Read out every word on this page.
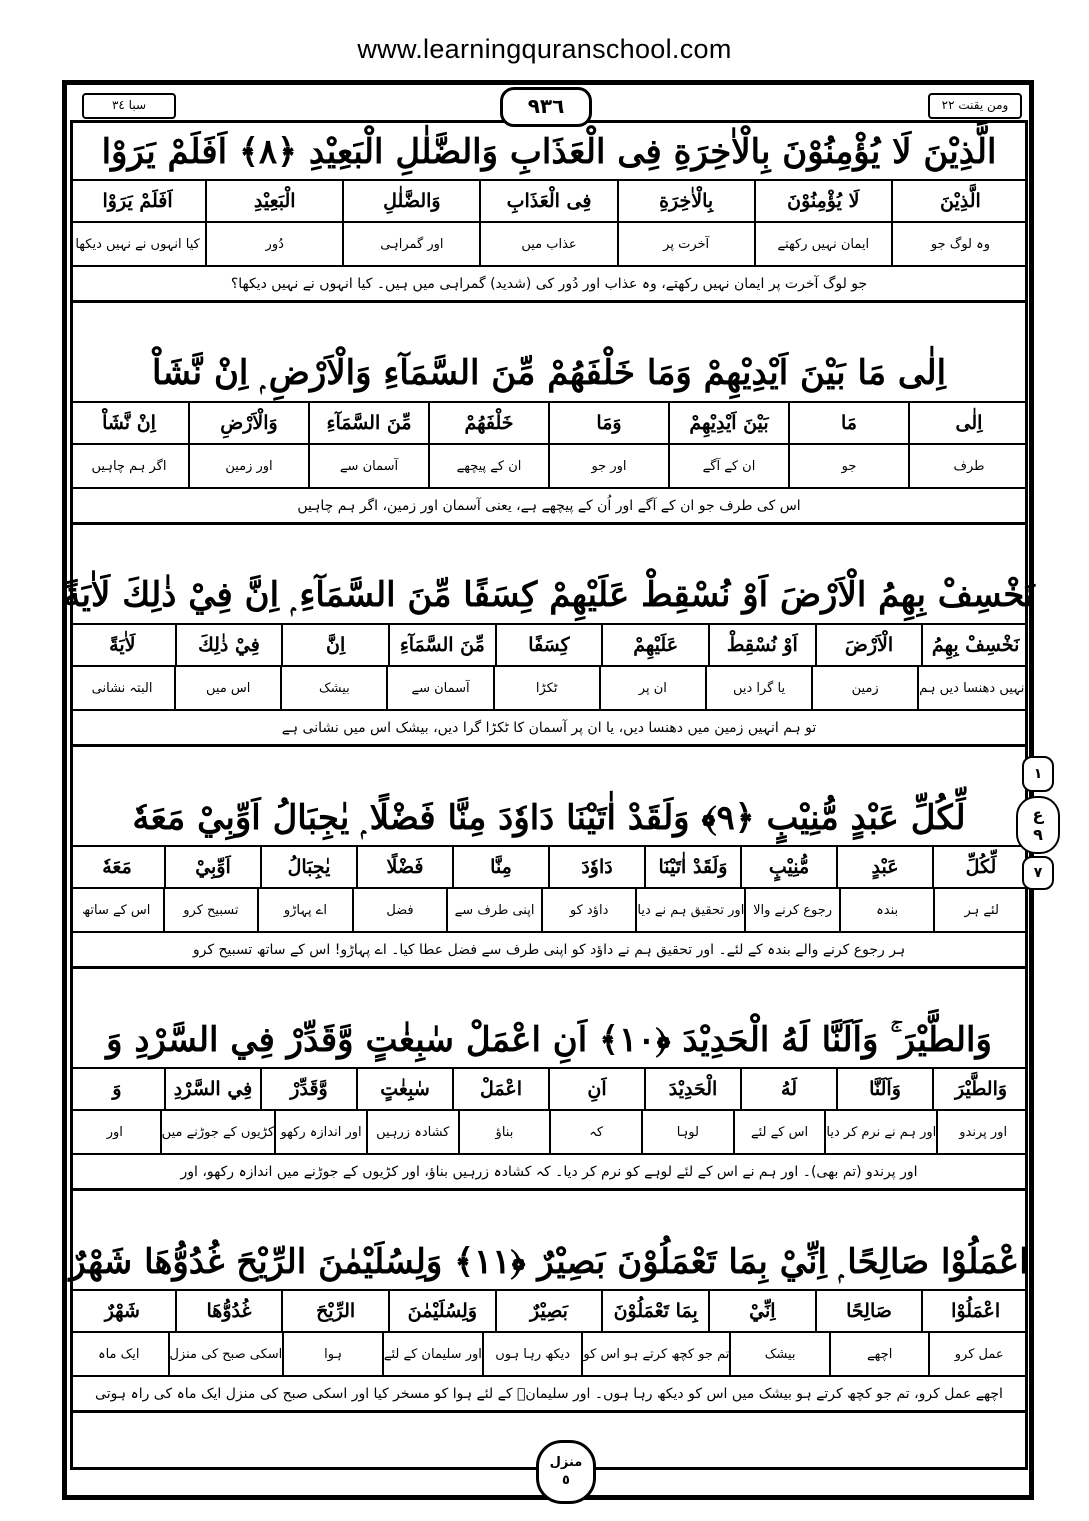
www.learningquranschool.com
ومن یقنت ٢٢
سبا ٣٤	٩٣٦
الَّذِيْنَ لَا يُؤْمِنُوْنَ بِالْاٰخِرَةِ فِى الْعَذَابِ وَالضَّلٰلِ الْبَعِيْدِ ﴿٨﴾ اَفَلَمْ يَرَوْا
الَّذِيْنَ
لَا يُؤْمِنُوْنَ
بِالْاٰخِرَةِ
فِى الْعَذَابِ
وَالضَّلٰلِ
الْبَعِيْدِ
اَفَلَمْ يَرَوْا
وہ لوگ جو
ایمان نہیں رکھتے
آخرت پر
عذاب میں
اور گمراہی
دُور
کیا انہوں نے نہیں دیکھا
جو لوگ آخرت پر ایمان نہیں رکھتے، وہ عذاب اور دُور کی (شدید) گمراہی میں ہیں۔ کیا انہوں نے نہیں دیکھا؟
اِلٰى مَا بَيْنَ اَيْدِيْهِمْ وَمَا خَلْفَهُمْ مِّنَ السَّمَآءِ وَالْاَرْضِ ۭ اِنْ نَّشَاْ
اِلٰى
مَا
بَيْنَ اَيْدِيْهِمْ
وَمَا
خَلْفَهُمْ
مِّنَ السَّمَآءِ
وَالْاَرْضِ
اِنْ نَّشَاْ
طرف
جو
ان کے آگے
اور جو
ان کے پیچھے
آسمان سے
اور زمین
اگر ہم چاہیں
اس کی طرف جو ان کے آگے اور اُن کے پیچھے ہے، یعنی آسمان اور زمین، اگر ہم چاہیں
نَخْسِفْ بِهِمُ الْاَرْضَ اَوْ نُسْقِطْ عَلَيْهِمْ كِسَفًا مِّنَ السَّمَآءِ ۭ اِنَّ فِيْ ذٰلِكَ لَاٰيَةً
نَخْسِفْ بِهِمُ
الْاَرْضَ
اَوْ نُسْقِطْ
عَلَيْهِمْ
كِسَفًا
مِّنَ السَّمَآءِ
اِنَّ
فِيْ ذٰلِكَ
لَاٰيَةً
انہیں دھنسا دیں ہم
زمین
یا گرا دیں
ان پر
ٹکڑا
آسمان سے
بیشک
اس میں
البتہ نشانی
تو ہم انہیں زمین میں دھنسا دیں، یا ان پر آسمان کا ٹکڑا گرا دیں، بیشک اس میں نشانی ہے
لِّكُلِّ عَبْدٍ مُّنِيْبٍ ﴿٩﴾ وَلَقَدْ اٰتَيْنَا دَاوٗدَ مِنَّا فَضْلًا ۭ يٰجِبَالُ اَوِّبِيْ مَعَهٗ
لِّكُلِّ
عَبْدٍ
مُّنِيْبٍ
وَلَقَدْ اٰتَيْنَا
دَاوٗدَ
مِنَّا
فَضْلًا
يٰجِبَالُ
اَوِّبِيْ
مَعَهٗ
لئے ہر
بندہ
رجوع کرنے والا
اور تحقیق ہم نے دیا
داؤد کو
اپنی طرف سے
فضل
اے پہاڑو
تسبیح کرو
اس کے ساتھ
ہر رجوع کرنے والے بندہ کے لئے۔ اور تحقیق ہم نے داؤد کو اپنی طرف سے فضل عطا کیا۔ اے پہاڑو! اس کے ساتھ تسبیح کرو
وَالطَّيْرَ ۚ وَاَلَنَّا لَهُ الْحَدِيْدَ ﴿١٠﴾ اَنِ اعْمَلْ سٰبِغٰتٍ وَّقَدِّرْ فِي السَّرْدِ وَ
وَالطَّيْرَ
وَاَلَنَّا
لَهُ
الْحَدِيْدَ
اَنِ
اعْمَلْ
سٰبِغٰتٍ
وَّقَدِّرْ
فِي السَّرْدِ
وَ
اور پرندو
اور ہم نے نرم کر دیا
اس کے لئے
لوہا
کہ
بناؤ
کشادہ زرہیں
اور اندازہ رکھو
کڑیوں کے جوڑنے میں
اور
اور پرندو (تم بھی)۔ اور ہم نے اس کے لئے لوہے کو نرم کر دیا۔ کہ کشادہ زرہیں بناؤ، اور کڑیوں کے جوڑنے میں اندازہ رکھو، اور
اعْمَلُوْا صَالِحًا ۭ اِنِّيْ بِمَا تَعْمَلُوْنَ بَصِيْرٌ ﴿١١﴾ وَلِسُلَيْمٰنَ الرِّيْحَ غُدُوُّهَا شَهْرٌ
اعْمَلُوْا
صَالِحًا
اِنِّيْ
بِمَا تَعْمَلُوْنَ
بَصِيْرٌ
وَلِسُلَيْمٰنَ
الرِّيْحَ
غُدُوُّهَا
شَهْرٌ
عمل کرو
اچھے
بیشک
تم جو کچھ کرتے ہو اس کو
دیکھ رہا ہوں
اور سلیمان کے لئے
ہوا
اسکی صبح کی منزل
ایک ماہ
اچھے عمل کرو، تم جو کچھ کرتے ہو بیشک میں اس کو دیکھ رہا ہوں۔ اور سلیمانؑ کے لئے ہوا کو مسخر کیا اور اسکی صبح کی منزل ایک ماہ کی راہ ہوتی
١
ع
٩
٧
منزل
٥
